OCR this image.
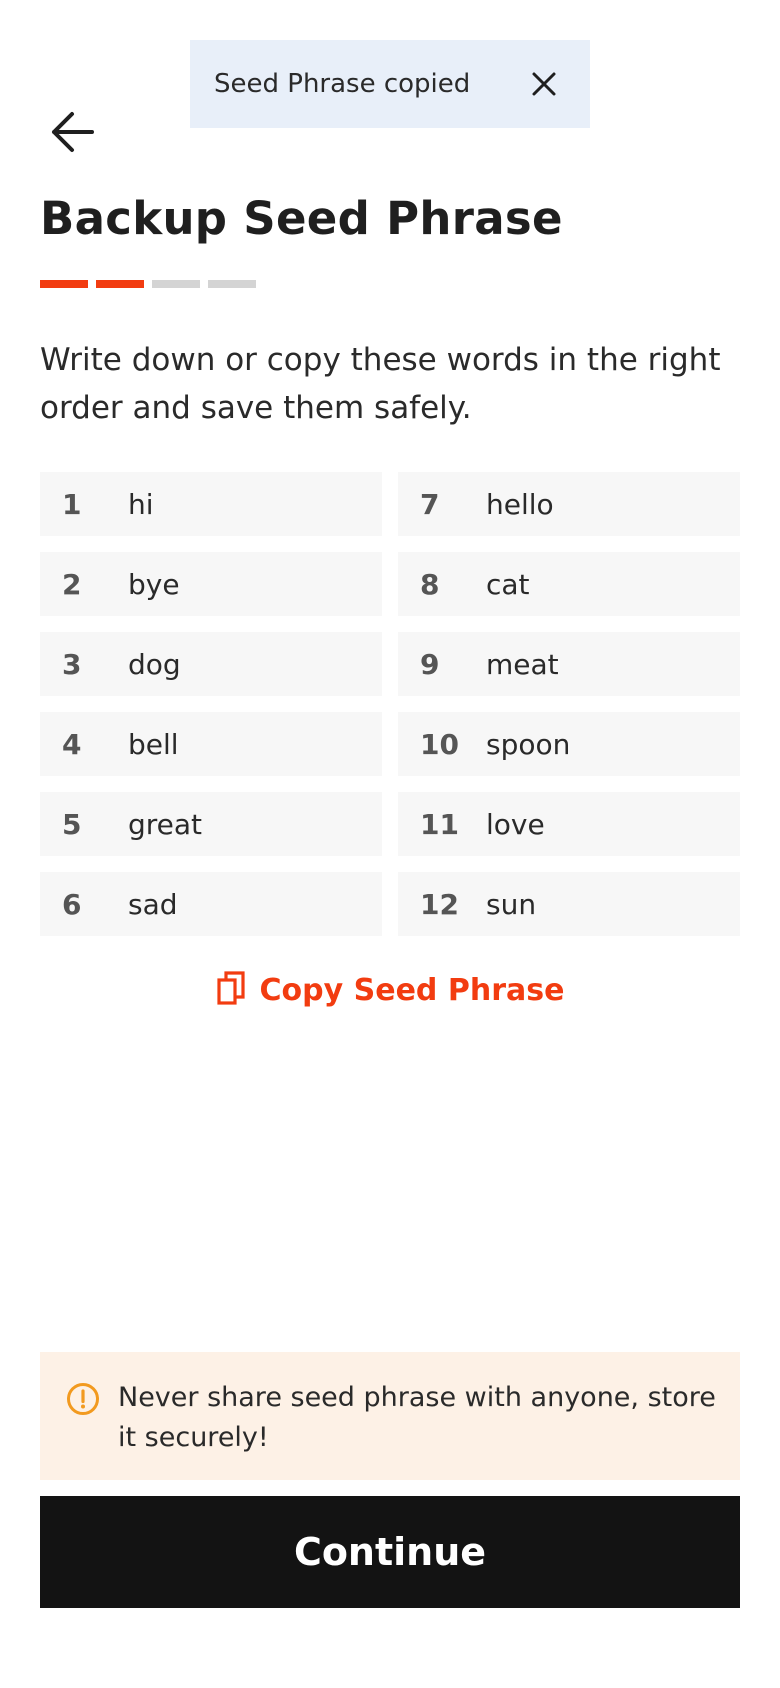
Seed Phrase copied
Backup Seed Phrase

Write down or copy these words in the right order and save them safely.

1	hi	7	hello
2	bye	8	cat
3	dog	9	meat
4	bell	10 spoon
5	great	11 love
6	sad	12 sun
Copy Seed Phrase
Never share seed phrase with anyone, store it securely!
Continue
